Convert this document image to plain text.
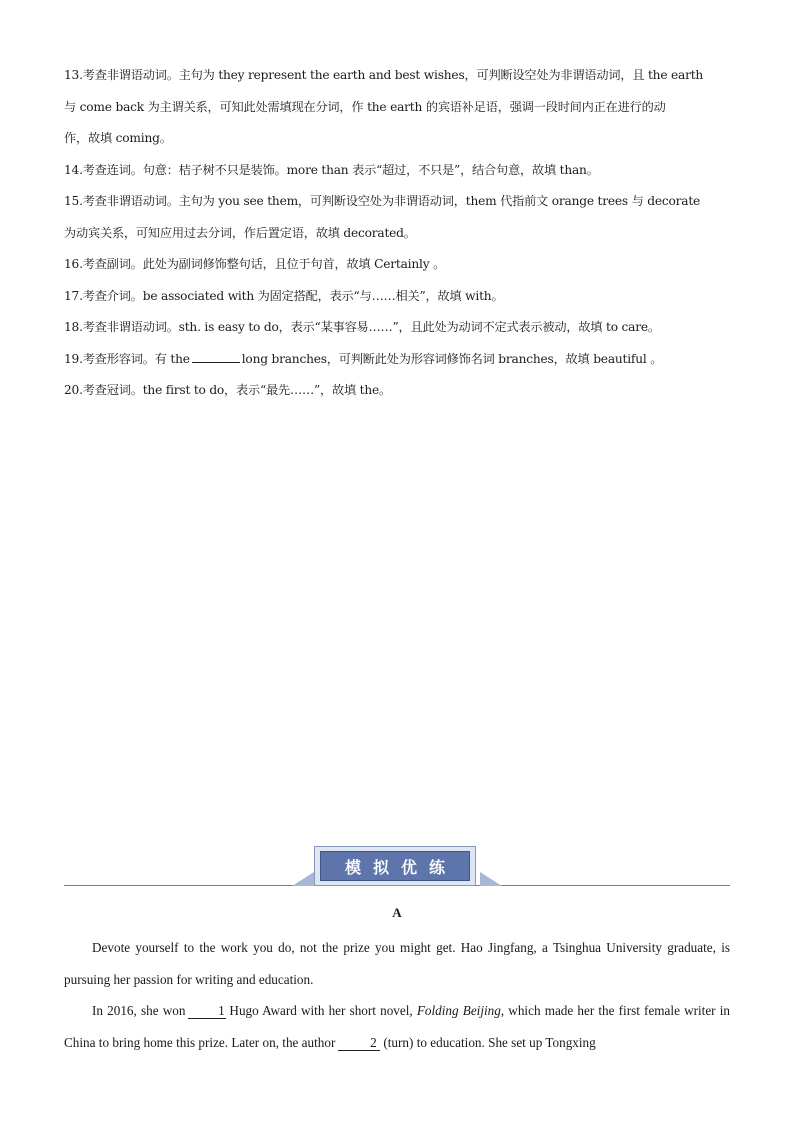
13.考查非谓语动词。主句为 they represent the earth and best wishes，可判断设空处为非谓语动词，且 the earth

与 come back 为主谓关系，可知此处需填现在分词，作 the earth 的宾语补足语，强调一段时间内正在进行的动

作，故填 coming。

14.考查连词。句意：桔子树不只是装饰。more than 表示“超过，不只是”，结合句意，故填 than。

15.考查非谓语动词。主句为 you see them，可判断设空处为非谓语动词，them 代指前文 orange trees 与 decorate

为动宾关系，可知应用过去分词，作后置定语，故填 decorated。

16.考查副词。此处为副词修饰整句话，且位于句首，故填 Certainly 。

17.考查介词。be associated with 为固定搭配，表示“与……相关”，故填 with。

18.考查非谓语动词。sth. is easy to do，表示“某事容易……”，且此处为动词不定式表示被动，故填 to care。

19.考查形容词。有 the	long branches，可判断此处为形容词修饰名词 branches，故填 beautiful 。

20.考查冠词。the first to do，表示“最先……”，故填 the。

模拟优练
A

Devote yourself to the work you do, not the prize you might get. Hao Jingfang, a Tsinghua University graduate, is pursuing her passion for writing and education.

In 2016, she won 1 Hugo Award with her short novel, Folding Beijing, which made her the first female writer in China to bring home this prize. Later on, the author	2 (turn) to education. She set up Tongxing
